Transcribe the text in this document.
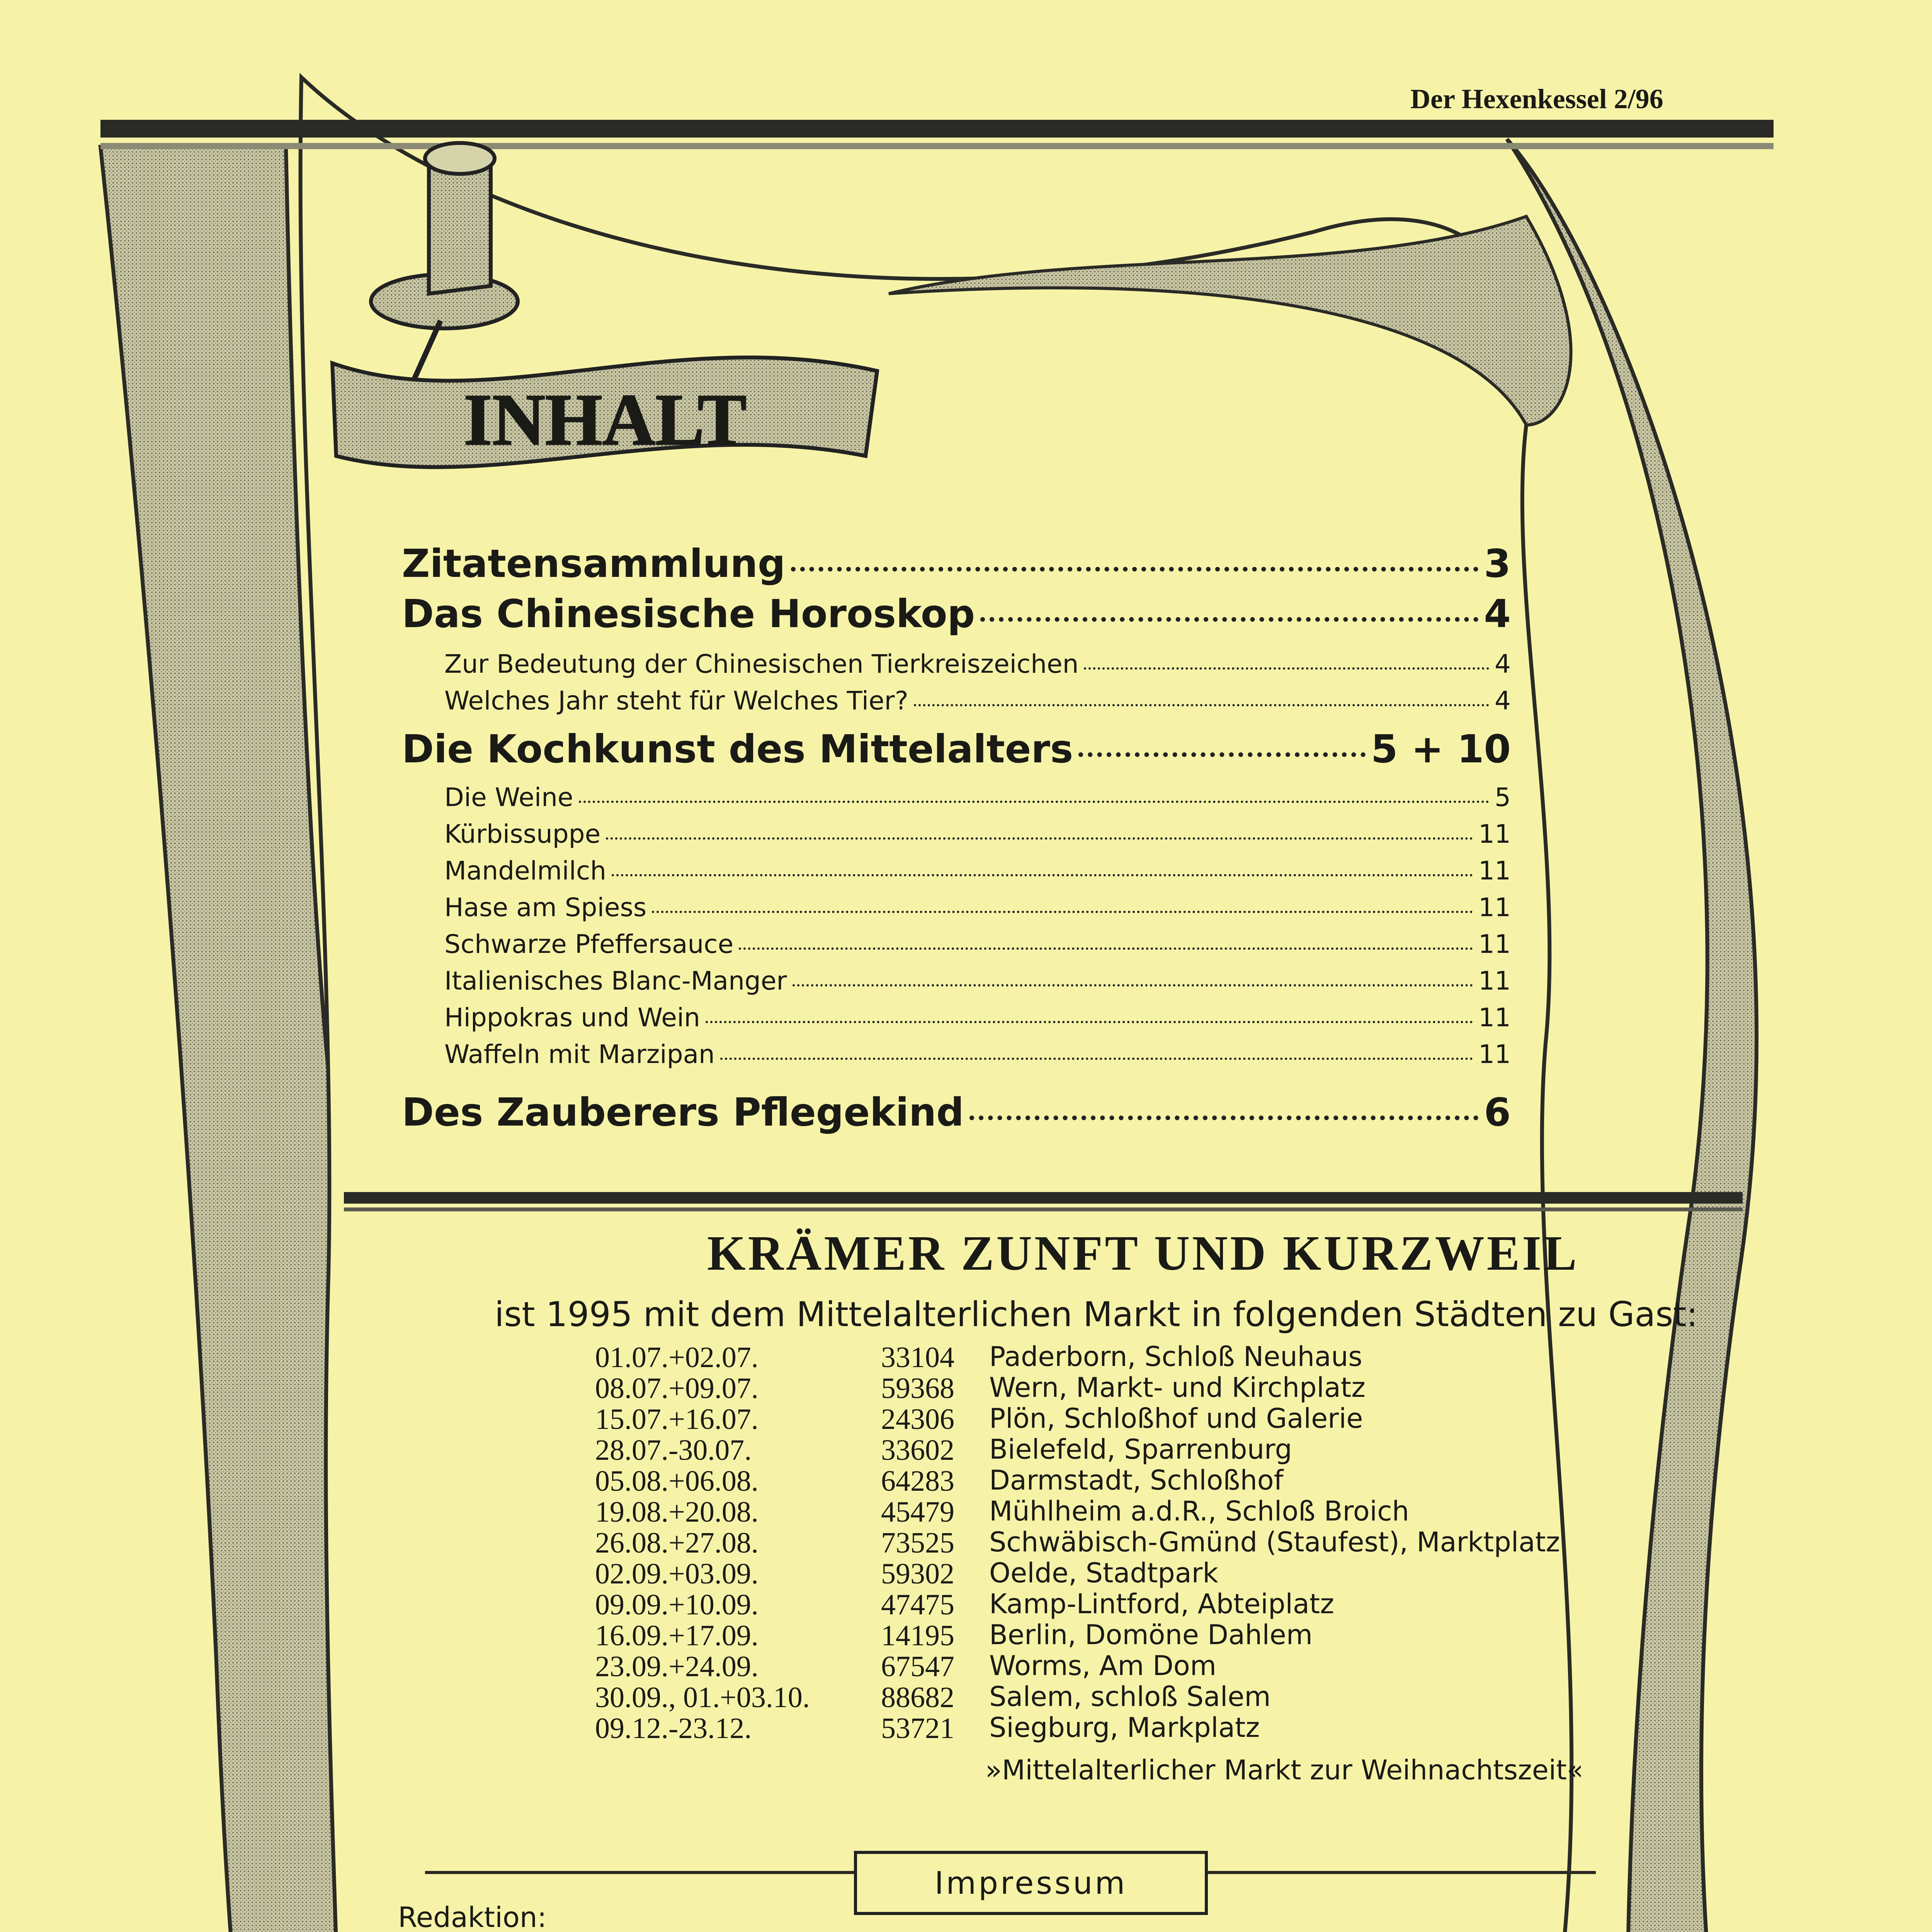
Der Hexenkessel 2/96
INHALT
Zitatensammlung	3
Das Chinesische Horoskop	4
Zur Bedeutung der Chinesischen Tierkreiszeichen	4
Welches Jahr steht für Welches Tier?	4
Die Kochkunst des Mittelalters	5 + 10
Die Weine	5
Kürbissuppe	11
Mandelmilch	11
Hase am Spiess	11
Schwarze Pfeffersauce	11
Italienisches Blanc-Manger	11
Hippokras und Wein	11
Waffeln mit Marzipan	11
Des Zauberers Pflegekind	6
KRÄMER ZUNFT UND KURZWEIL
ist 1995 mit dem Mittelalterlichen Markt in folgenden Städten zu Gast:
01.07.+02.07.	33104 Paderborn, Schloß Neuhaus
08.07.+09.07.	59368 Wern, Markt- und Kirchplatz
15.07.+16.07.	24306 Plön, Schloßhof und Galerie
28.07.-30.07.	33602 Bielefeld, Sparrenburg
05.08.+06.08.	64283 Darmstadt, Schloßhof
19.08.+20.08.	45479 Mühlheim a.d.R., Schloß Broich
26.08.+27.08.	73525 Schwäbisch-Gmünd (Staufest), Marktplatz
02.09.+03.09.	59302 Oelde, Stadtpark
09.09.+10.09.	47475 Kamp-Lintford, Abteiplatz
16.09.+17.09.	14195 Berlin, Domöne Dahlem
23.09.+24.09.	67547 Worms, Am Dom
30.09., 01.+03.10. 88682 Salem, schloß Salem
09.12.-23.12.	53721 Siegburg, Markplatz
»Mittelalterlicher Markt zur Weihnachtszeit«
Impressum
Redaktion:
